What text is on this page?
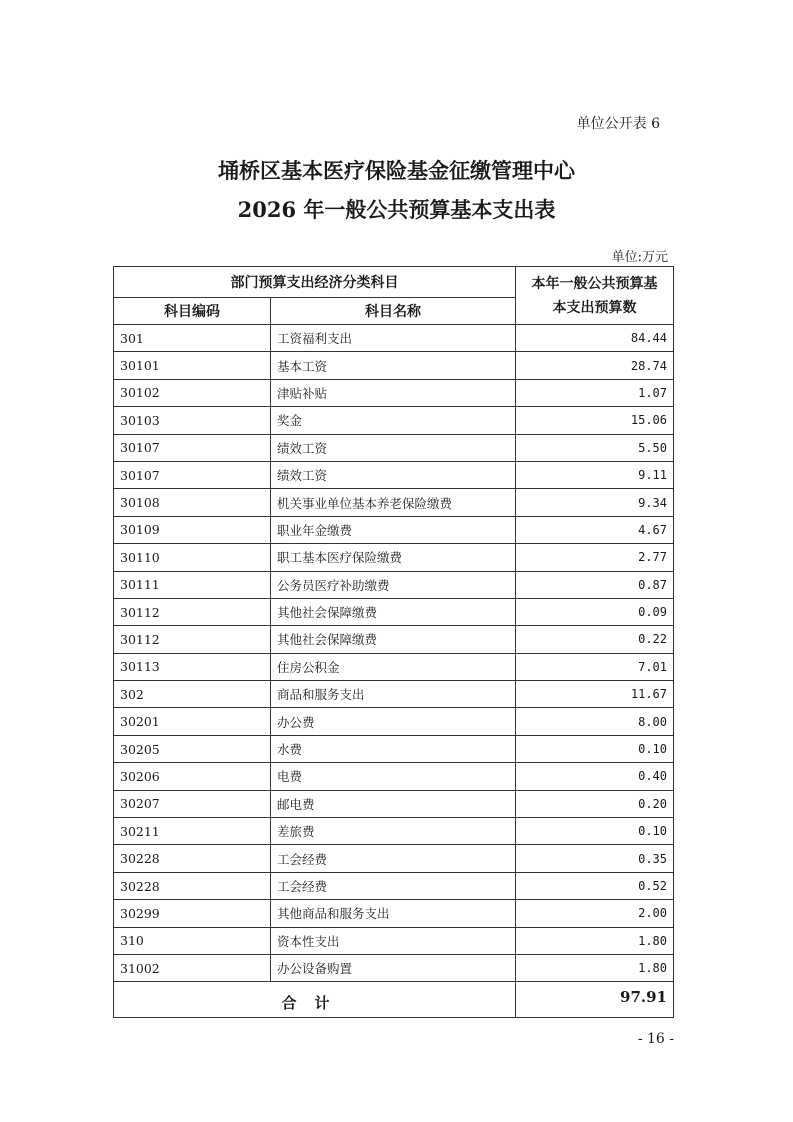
单位公开表 6
埇桥区基本医疗保险基金征缴管理中心
2026 年一般公共预算基本支出表
单位:万元
部门预算支出经济分类科目		本年一般公共预算基
本支出预算数

科目编码	科目名称	
301	工资福利支出	84.44
30101	基本工资	28.74
30102	津贴补贴	1.07
30103	奖金	15.06
30107	绩效工资	5.50
30107	绩效工资	9.11
30108	机关事业单位基本养老保险缴费	9.34
30109	职业年金缴费	4.67
30110	职工基本医疗保险缴费	2.77
30111	公务员医疗补助缴费	0.87
30112	其他社会保障缴费	0.09
30112	其他社会保障缴费	0.22
30113	住房公积金	7.01
302	商品和服务支出	11.67
30201	办公费	8.00
30205	水费	0.10
30206	电费	0.40
30207	邮电费	0.20
30211	差旅费	0.10
30228	工会经费	0.35
30228	工会经费	0.52
30299	其他商品和服务支出	2.00
310	资本性支出	1.80
31002	办公设备购置	1.80
合计		97.91
- 16 -
